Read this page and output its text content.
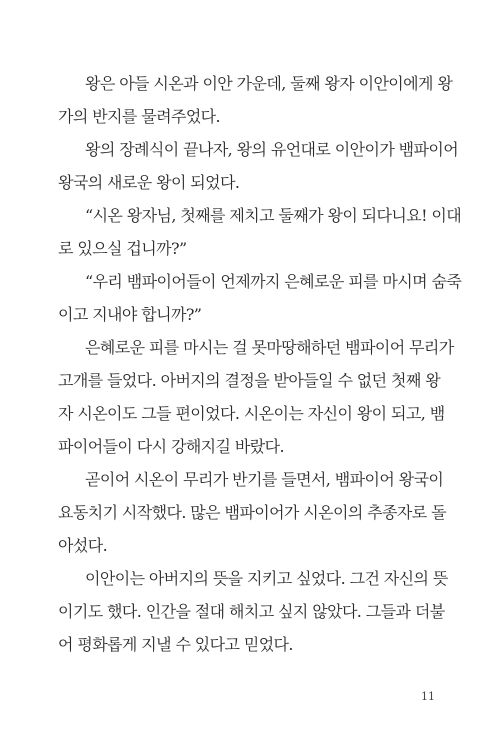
왕은 아들 시온과 이안 가운데, 둘째 왕자 이안이에게 왕
가의 반지를 물려주었다.
왕의 장례식이 끝나자, 왕의 유언대로 이안이가 뱀파이어
왕국의 새로운 왕이 되었다.
“시온 왕자님, 첫째를 제치고 둘째가 왕이 되다니요! 이대
로 있으실 겁니까?”
“우리 뱀파이어들이 언제까지 은혜로운 피를 마시며 숨죽
이고 지내야 합니까?”
은혜로운 피를 마시는 걸 못마땅해하던 뱀파이어 무리가
고개를 들었다. 아버지의 결정을 받아들일 수 없던 첫째 왕
자 시온이도 그들 편이었다. 시온이는 자신이 왕이 되고, 뱀
파이어들이 다시 강해지길 바랐다.
곧이어 시온이 무리가 반기를 들면서, 뱀파이어 왕국이
요동치기 시작했다. 많은 뱀파이어가 시온이의 추종자로 돌
아섰다.
이안이는 아버지의 뜻을 지키고 싶었다. 그건 자신의 뜻
이기도 했다. 인간을 절대 해치고 싶지 않았다. 그들과 더불
어 평화롭게 지낼 수 있다고 믿었다.
11
